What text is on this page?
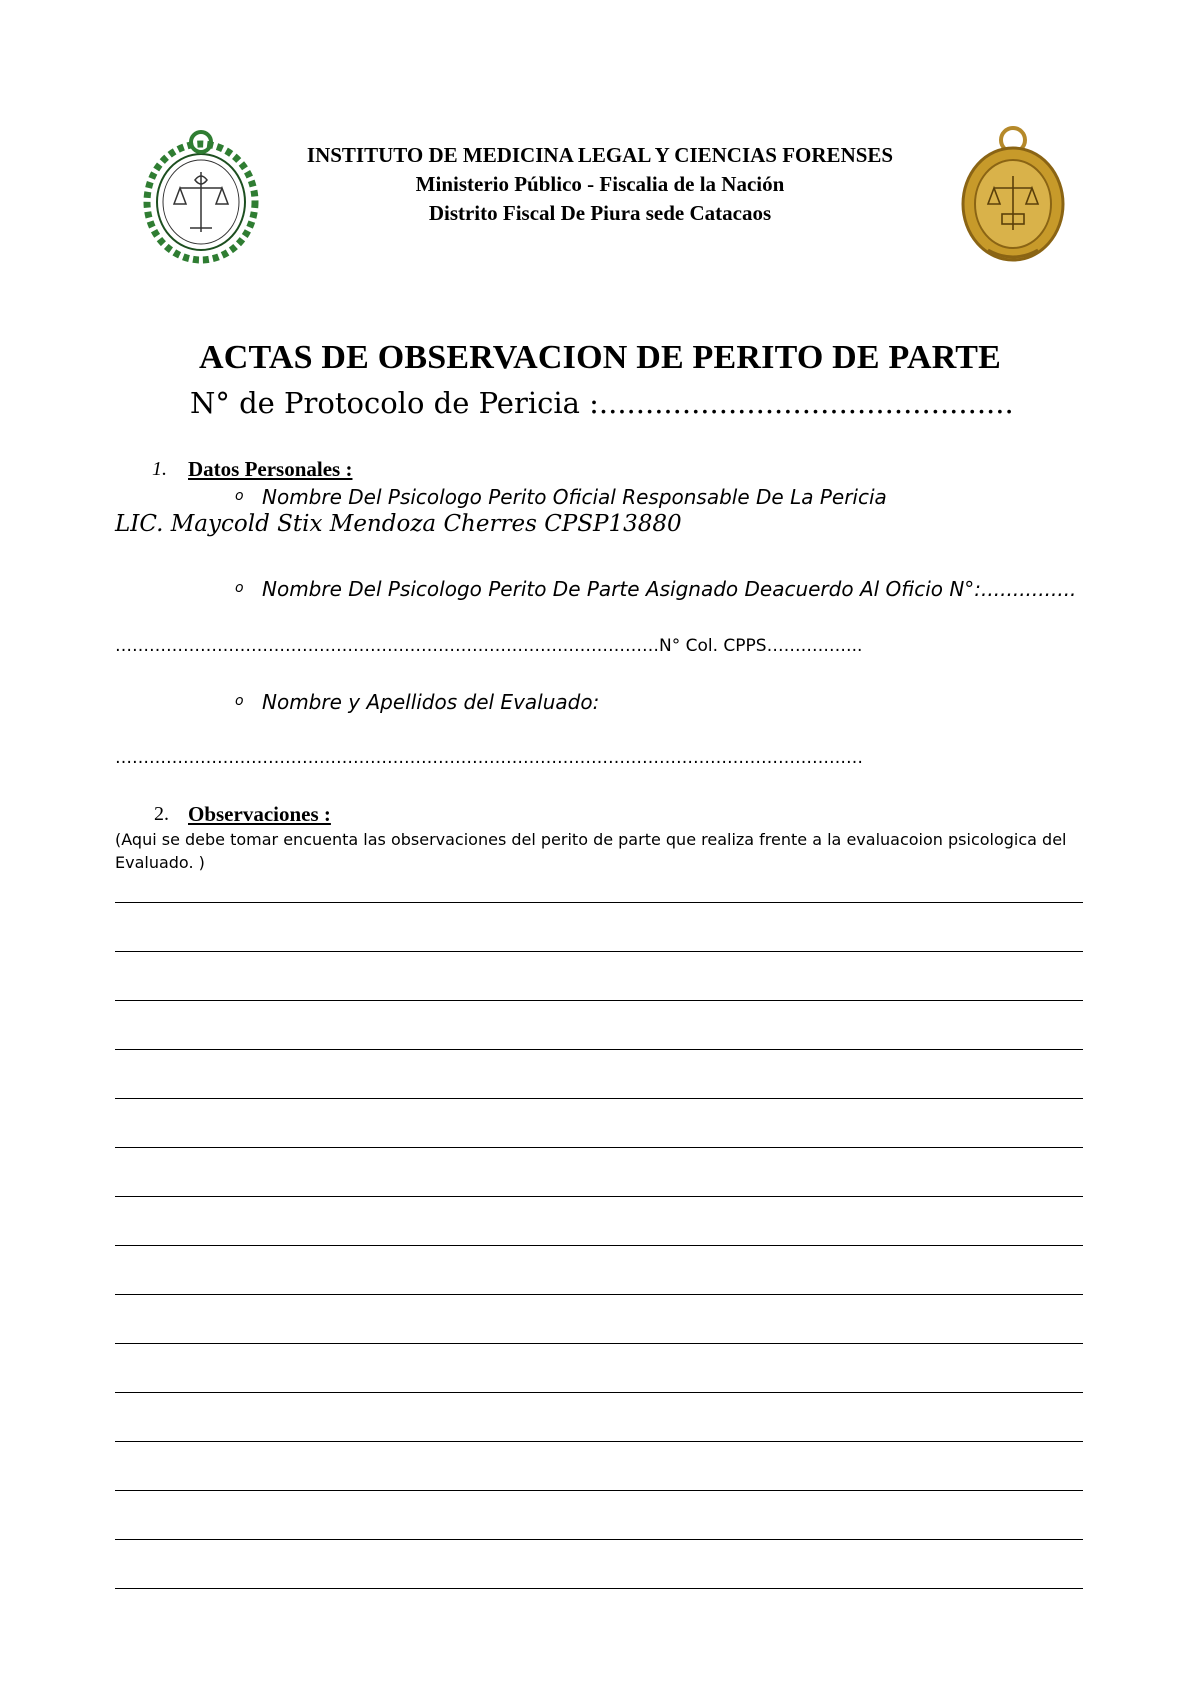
INSTITUTO DE MEDICINA LEGAL Y CIENCIAS FORENSES
Ministerio Público - Fiscalia de la Nación
Distrito Fiscal De Piura sede Catacaos
ACTAS DE OBSERVACION DE PERITO DE PARTE
N° de Protocolo de Pericia :.............................................
1. Datos Personales :
o Nombre Del Psicologo Perito Oficial Responsable De La Pericia
LIC. Maycold Stix Mendoza Cherres CPSP13880
o Nombre Del Psicologo Perito De Parte Asignado Deacuerdo Al Oficio N°:...............
……………………………………………………………………………………N° Col. CPPS……………..
o Nombre y Apellidos del Evaluado:
……………………………………………………………………………………………………………………
2. Observaciones :
(Aqui se debe tomar encuenta las observaciones del perito de parte que realiza frente a la evaluacoion psicologica del Evaluado. )
